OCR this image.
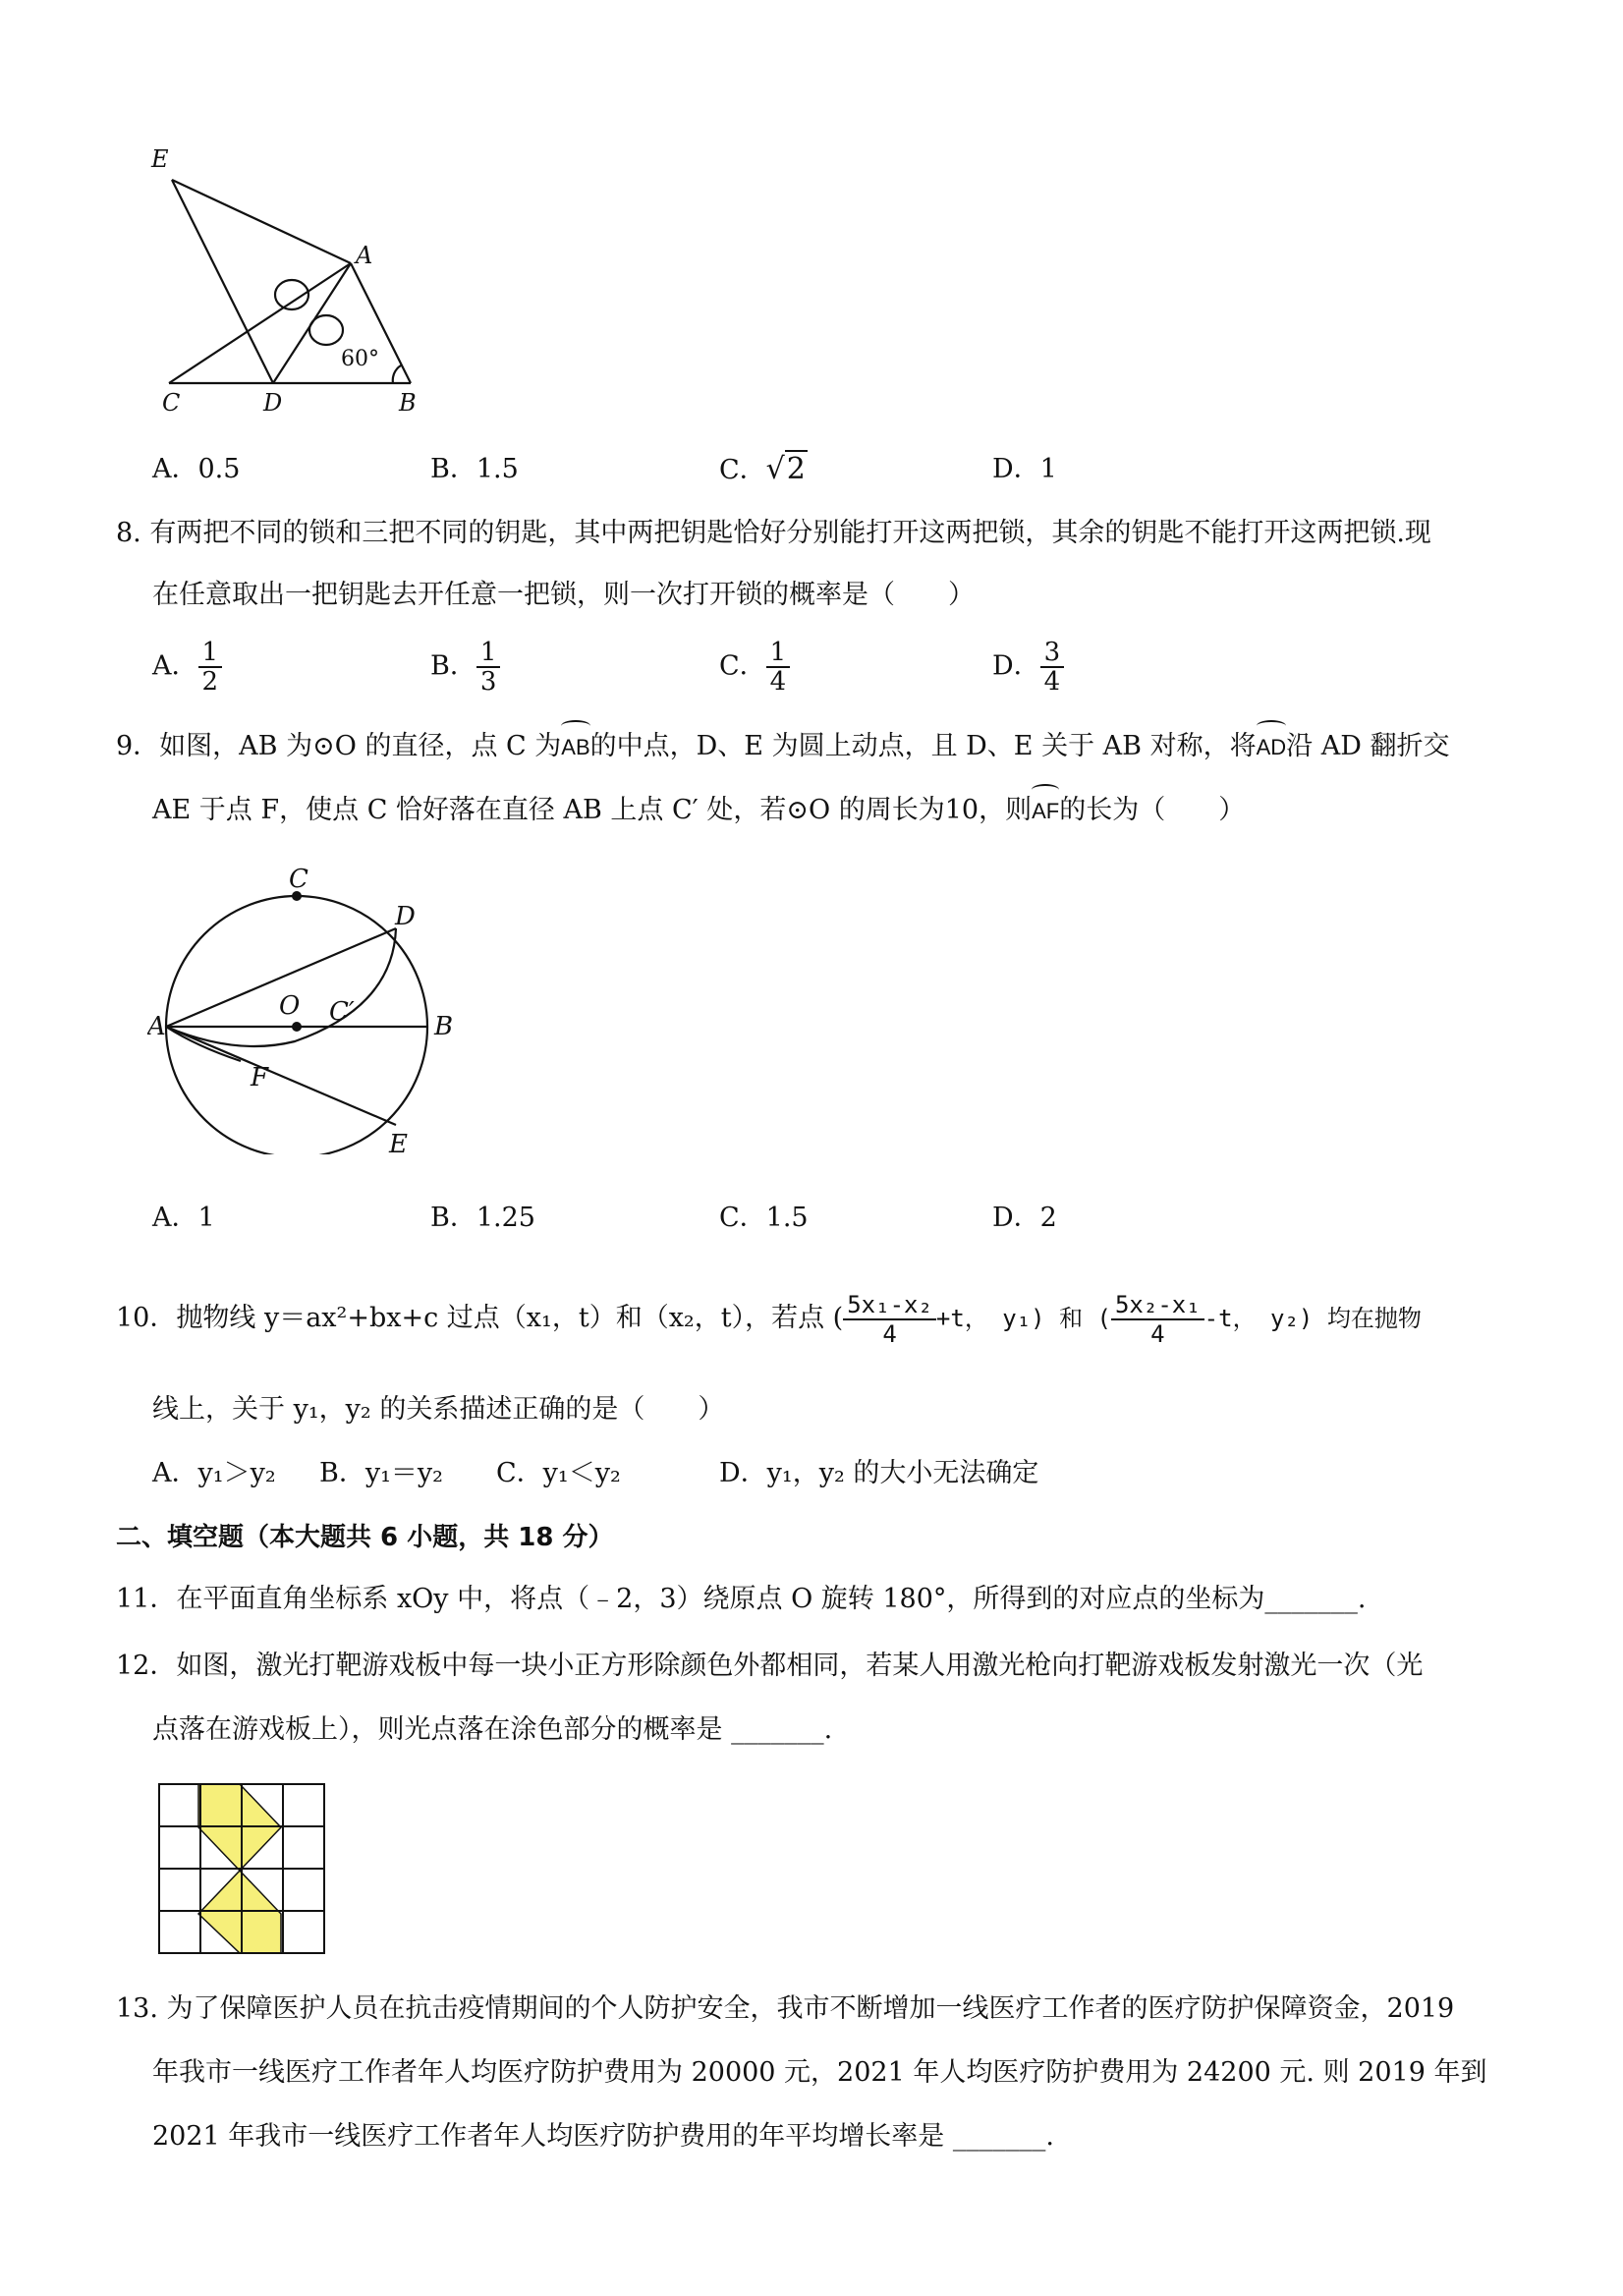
E
A
C	D	B
60°
A．0.5	B．1.5	C．√2	D．1
8. 有两把不同的锁和三把不同的钥匙，其中两把钥匙恰好分别能打开这两把锁，其余的钥匙不能打开这两把锁.现
在任意取出一把钥匙去开任意一把锁，则一次打开锁的概率是（　　）
A． $\frac{1}{2}$	B． $\frac{1}{3}$	C． $\frac{1}{4}$	D． $\frac{3}{4}$
9．如图，AB 为⊙O 的直径，点 C 为AB的中点，D、E 为圆上动点，且 D、E 关于 AB 对称，将AD沿 AD 翻折交
AE 于点 F，使点 C 恰好落在直径 AB 上点 C′ 处，若⊙O 的周长为10，则AF的长为（　　）
C
D
O C′
A	B
F
E
A．1	B．1.25	C．1.5	D．2
10．抛物线 y＝ax²+bx+c 过点（x₁，t）和（x₂，t），若点 ( $\frac{\text{5x₁-x₂}}{4} +t$， y₁) 和 ( $\frac{\text{5x₂-x₁}}{4} -t$， y₂) 均在抛物
线上，关于 y₁，y₂ 的关系描述正确的是（　　）
A．y₁＞y₂ B．y₁＝y₂ C．y₁＜y₂	D．y₁，y₂ 的大小无法确定
二、填空题（本大题共 6 小题，共 18 分）
11．在平面直角坐标系 xOy 中，将点（﹣2，3）绕原点 O 旋转 180°，所得到的对应点的坐标为_______.
12．如图，激光打靶游戏板中每一块小正方形除颜色外都相同，若某人用激光枪向打靶游戏板发射激光一次（光
点落在游戏板上），则光点落在涂色部分的概率是 _______.
13. 为了保障医护人员在抗击疫情期间的个人防护安全，我市不断增加一线医疗工作者的医疗防护保障资金，2019
年我市一线医疗工作者年人均医疗防护费用为 20000 元，2021 年人均医疗防护费用为 24200 元. 则 2019 年到
2021 年我市一线医疗工作者年人均医疗防护费用的年平均增长率是 _______.
